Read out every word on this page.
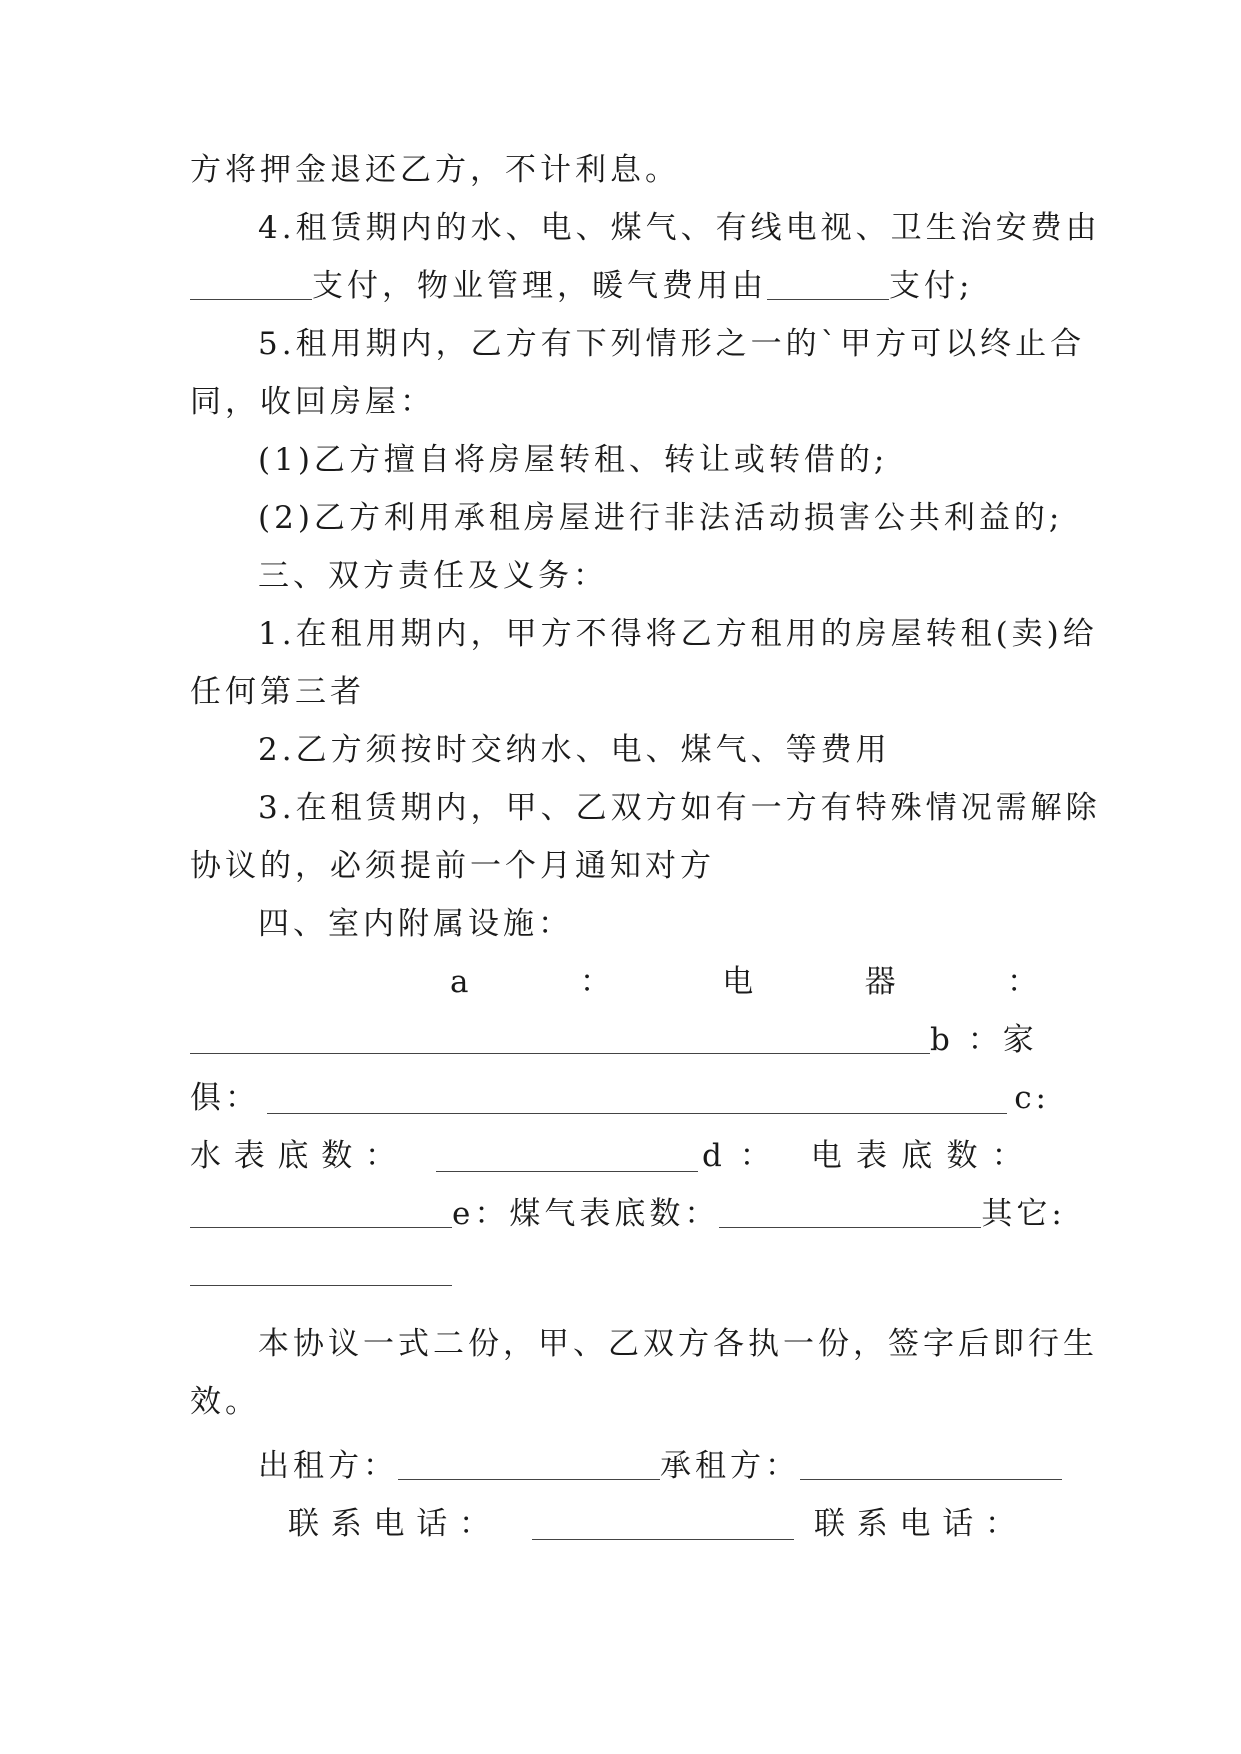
方将押金退还乙方，不计利息。
4.租赁期内的水、电、煤气、有线电视、卫生治安费由
支付，物业管理，暖气费用由	支付;
5.租用期内，乙方有下列情形之一的`甲方可以终止合
同，收回房屋：
(1)乙方擅自将房屋转租、转让或转借的;
(2)乙方利用承租房屋进行非法活动损害公共利益的;
三、双方责任及义务：
1.在租用期内，甲方不得将乙方租用的房屋转租(卖)给
任何第三者
2.乙方须按时交纳水、电、煤气、等费用
3.在租赁期内，甲、乙双方如有一方有特殊情况需解除
协议的，必须提前一个月通知对方
四、室内附属设施：
a	：	电	器	：
b ：家
俱：	c:
水 表 底 数 ：	d ： 电 表 底 数 ：
e：煤气表底数：	其它:
本协议一式二份，甲、乙双方各执一份，签字后即行生
效。
出租方：	承租方：
联 系 电 话 ：	联 系 电 话 ：
